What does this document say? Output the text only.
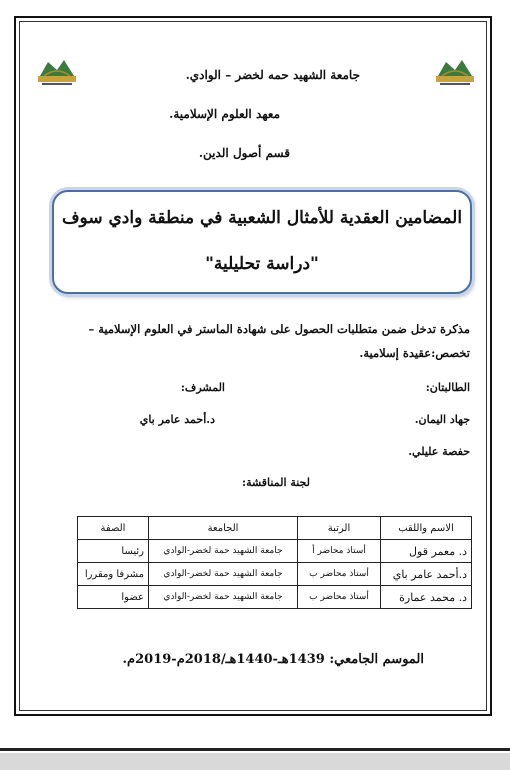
جامعة الشهيد حمه لخضر – الوادي.
معهد العلوم الإسلامية.
قسم أصول الدين.
المضامين العقدية للأمثال الشعبية في منطقة وادي سوف
"دراسة تحليلية"
مذكرة تدخل ضمن متطلبات الحصول على شهادة الماستر في العلوم الإسلامية –
تخصص:عقيدة إسلامية.
الطالبتان:
المشرف:
جهاد اليمان.
د.أحمد عامر باي
حفصة عليلي.
لجنة المناقشة:
الاسم واللقب	الرتبة	الجامعة	الصفة
د. معمر قول	أستاذ محاضر أ	جامعة الشهيد حمة لخضر-الوادي	رئيسا
د.أحمد عامر باي	أستاذ محاضر ب	جامعة الشهيد حمة لخضر-الوادي	مشرفا ومقررا
د. محمد عمارة	أستاذ محاضر ب	جامعة الشهيد حمة لخضر-الوادي	عضوا
الموسم الجامعي: 1439هـ-1440هـ/2018م-2019م.
